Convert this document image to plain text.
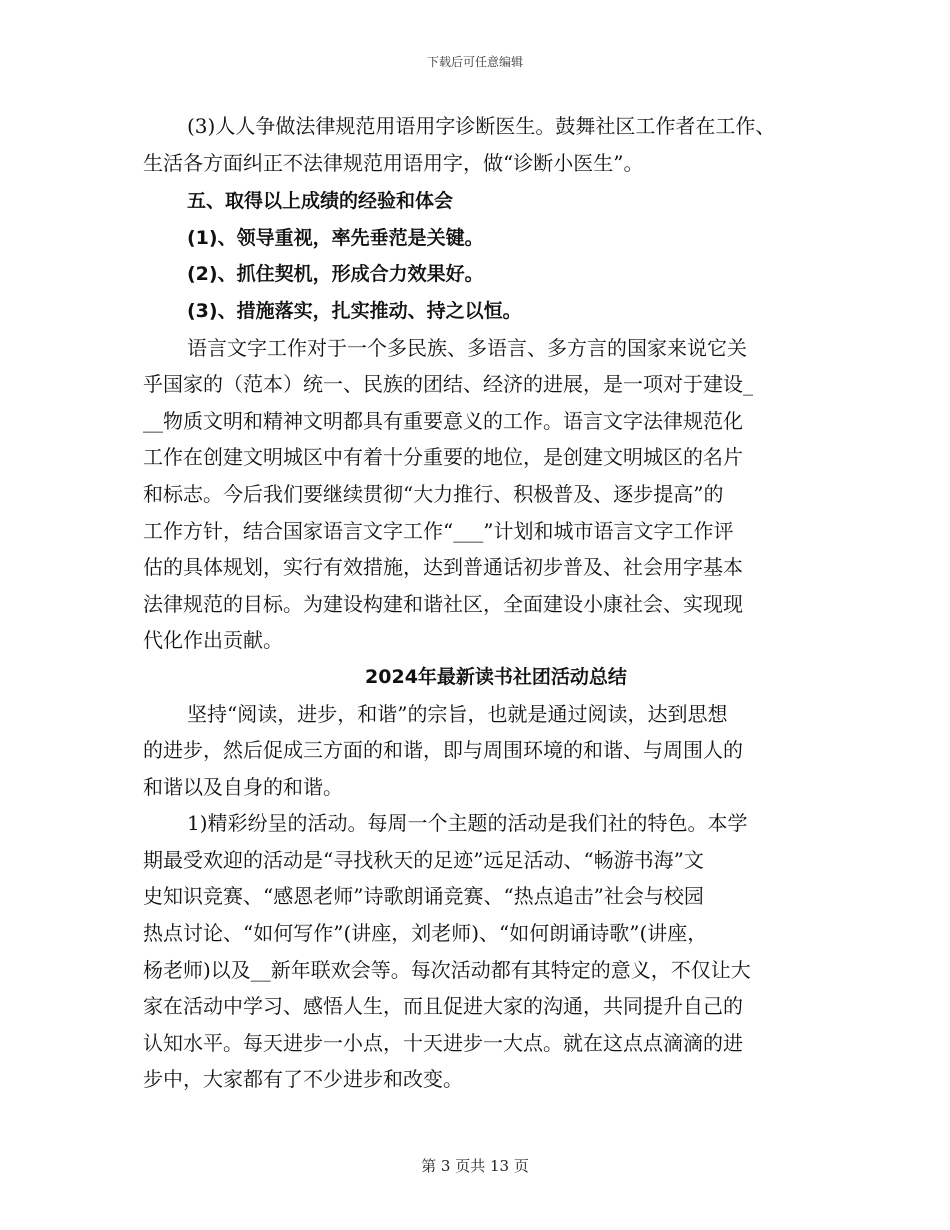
下载后可任意编辑
(3)人人争做法律规范用语用字诊断医生。鼓舞社区工作者在工作、
生活各方面纠正不法律规范用语用字，做“诊断小医生”。
五、取得以上成绩的经验和体会
(1)、领导重视，率先垂范是关键。
(2)、抓住契机，形成合力效果好。
(3)、措施落实，扎实推动、持之以恒。
语言文字工作对于一个多民族、多语言、多方言的国家来说它关
乎国家的（范本）统一、民族的团结、经济的进展，是一项对于建设_
__物质文明和精神文明都具有重要意义的工作。语言文字法律规范化
工作在创建文明城区中有着十分重要的地位，是创建文明城区的名片
和标志。今后我们要继续贯彻“大力推行、积极普及、逐步提高”的
工作方针，结合国家语言文字工作“___”计划和城市语言文字工作评
估的具体规划，实行有效措施，达到普通话初步普及、社会用字基本
法律规范的目标。为建设构建和谐社区，全面建设小康社会、实现现
代化作出贡献。
2024年最新读书社团活动总结
坚持“阅读，进步，和谐”的宗旨，也就是通过阅读，达到思想
的进步，然后促成三方面的和谐，即与周围环境的和谐、与周围人的
和谐以及自身的和谐。
1)精彩纷呈的活动。每周一个主题的活动是我们社的特色。本学
期最受欢迎的活动是“寻找秋天的足迹”远足活动、“畅游书海”文
史知识竞赛、“感恩老师”诗歌朗诵竞赛、“热点追击”社会与校园
热点讨论、“如何写作”(讲座，刘老师)、“如何朗诵诗歌”(讲座，
杨老师)以及__新年联欢会等。每次活动都有其特定的意义，不仅让大
家在活动中学习、感悟人生，而且促进大家的沟通，共同提升自己的
认知水平。每天进步一小点，十天进步一大点。就在这点点滴滴的进
步中，大家都有了不少进步和改变。
第 3 页共 13 页
